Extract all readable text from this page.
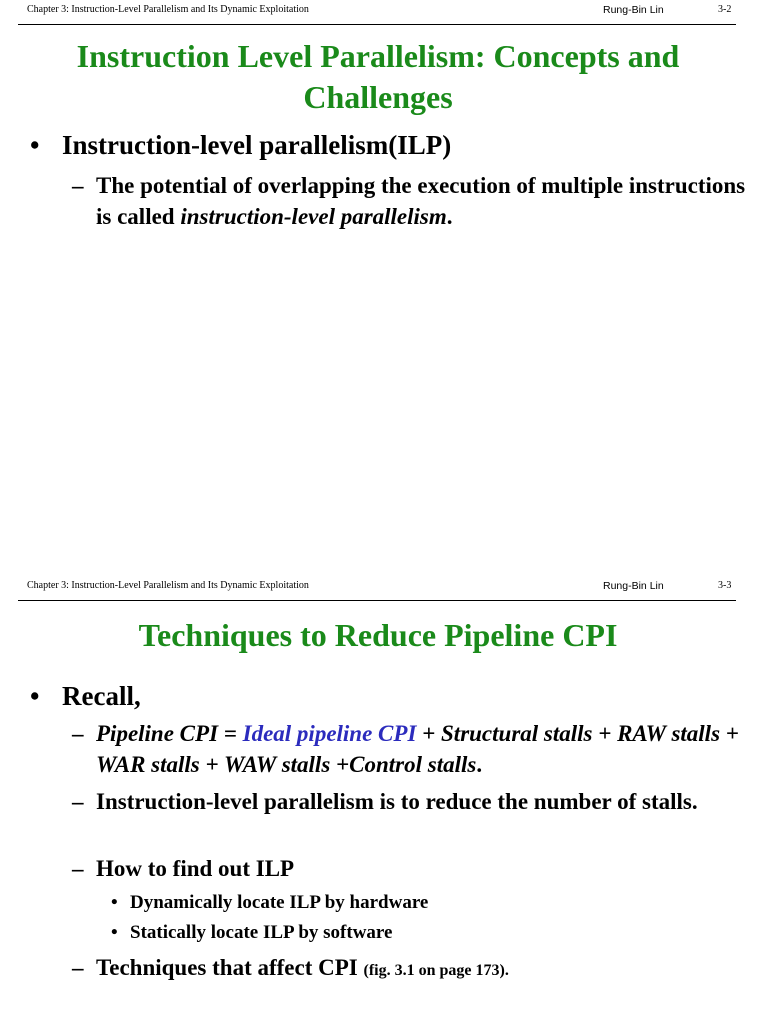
Chapter 3: Instruction-Level Parallelism and Its Dynamic Exploitation	Rung-Bin Lin	3-2
Instruction Level Parallelism: Concepts and
Challenges
• Instruction-level parallelism(ILP)
– The potential of overlapping the execution of multiple instructions is called instruction-level parallelism.
Chapter 3: Instruction-Level Parallelism and Its Dynamic Exploitation	Rung-Bin Lin	3-3
Techniques to Reduce Pipeline CPI
• Recall,
– Pipeline CPI = Ideal pipeline CPI + Structural stalls + RAW stalls + WAR stalls + WAW stalls +Control stalls.
– Instruction-level parallelism is to reduce the number of stalls.
– How to find out ILP
• Dynamically locate ILP by hardware
• Statically locate ILP by software
– Techniques that affect CPI (fig. 3.1 on page 173).
